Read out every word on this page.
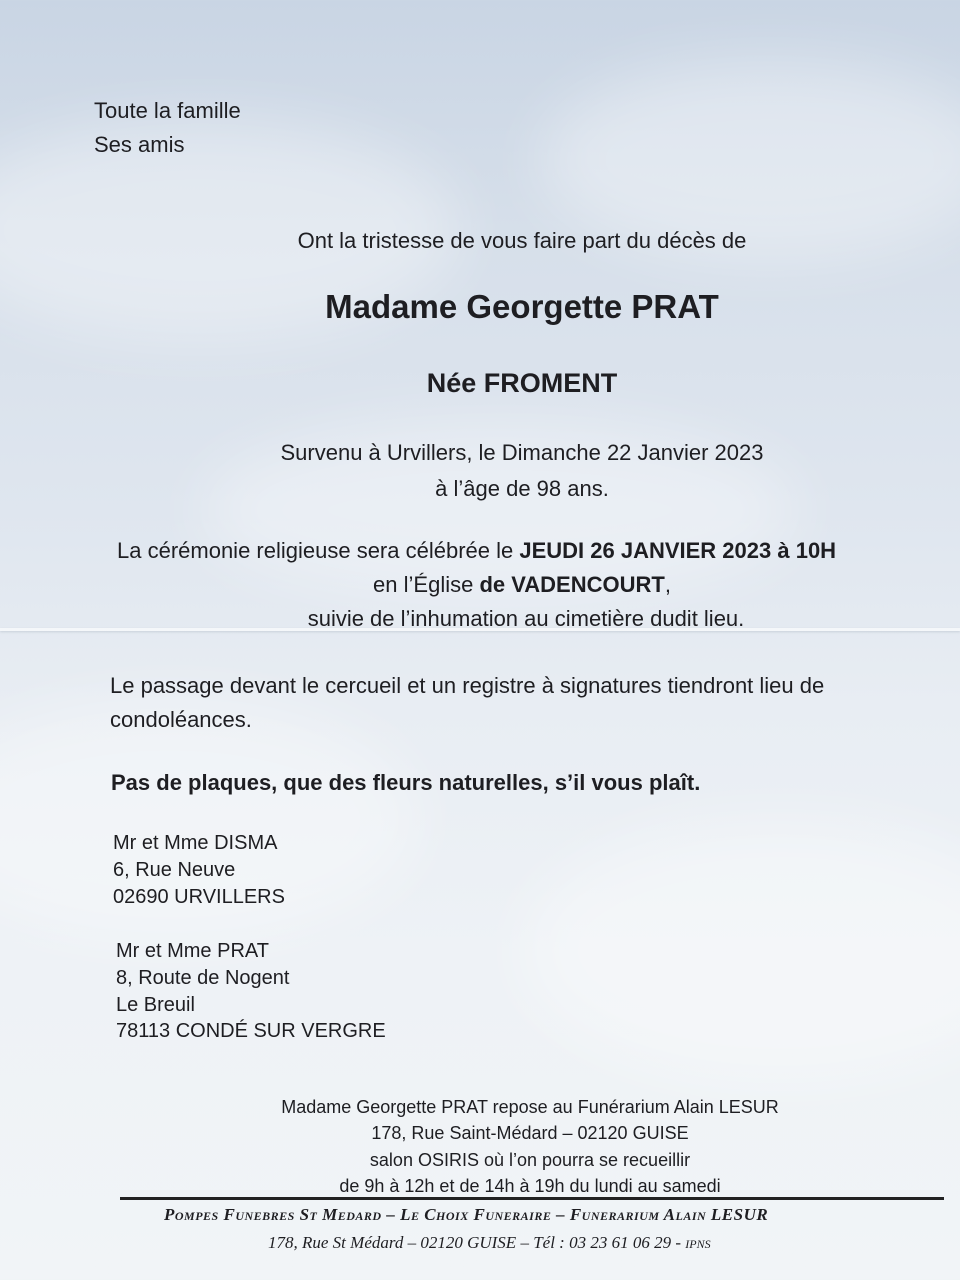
Toute la famille
Ses amis
Ont la tristesse de vous faire part du décès de
Madame Georgette PRAT
Née FROMENT
Survenu à Urvillers, le Dimanche 22 Janvier 2023
à l’âge de 98 ans.
La cérémonie religieuse sera célébrée le JEUDI 26 JANVIER 2023 à 10H
en l’Église de VADENCOURT,
suivie de l’inhumation au cimetière dudit lieu.
Le passage devant le cercueil et un registre à signatures tiendront lieu de
condoléances.
Pas de plaques, que des fleurs naturelles, s’il vous plaît.
Mr et Mme DISMA
6, Rue Neuve
02690 URVILLERS
Mr et Mme PRAT
8, Route de Nogent
Le Breuil
78113 CONDÉ SUR VERGRE
Madame Georgette PRAT repose au Funérarium Alain LESUR
178, Rue Saint-Médard – 02120 GUISE
salon OSIRIS où l’on pourra se recueillir
de 9h à 12h et de 14h à 19h du lundi au samedi
Pompes Funebres St Medard – Le Choix Funeraire – Funerarium Alain LESUR
178, Rue St Médard – 02120 GUISE – Tél : 03 23 61 06 29 - IPNS
